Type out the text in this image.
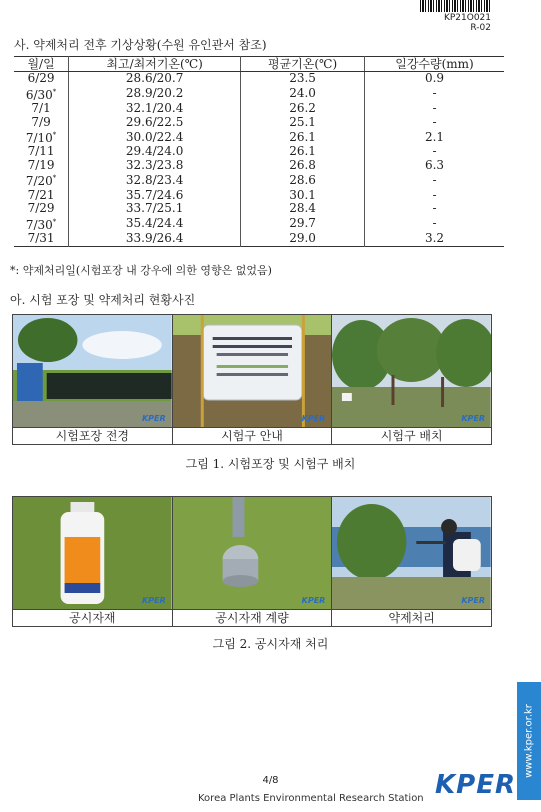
KP21O021
R-02
사. 약제처리 전후 기상상황(수원 유인관서 참조)
월/일	최고/최저기온(℃)	평균기온(℃)	일강수량(mm)
6/29	28.6/20.7	23.5	0.9
6/30*	28.9/20.2	24.0	-
7/1	32.1/20.4	26.2	-
7/9	29.6/22.5	25.1	-
7/10*	30.0/22.4	26.1	2.1
7/11	29.4/24.0	26.1	-
7/19	32.3/23.8	26.8	6.3
7/20*	32.8/23.4	28.6	-
7/21	35.7/24.6	30.1	-
7/29	33.7/25.1	28.4	-
7/30*	35.4/24.4	29.7	-
7/31	33.9/26.4	29.0	3.2
*: 약제처리일(시험포장 내 강우에 의한 영향은 없었음)
아. 시험 포장 및 약제처리 현황사진
KPER	KPER	KPER
시험포장 전경	시험구 안내	시험구 배치
그림 1. 시험포장 및 시험구 배치
KPER	KPER	KPER
공시자재	공시자재 계량	약제처리
그림 2. 공시자재 처리
4/8
Korea Plants Environmental Research Station KPER
www.kper.or.kr
